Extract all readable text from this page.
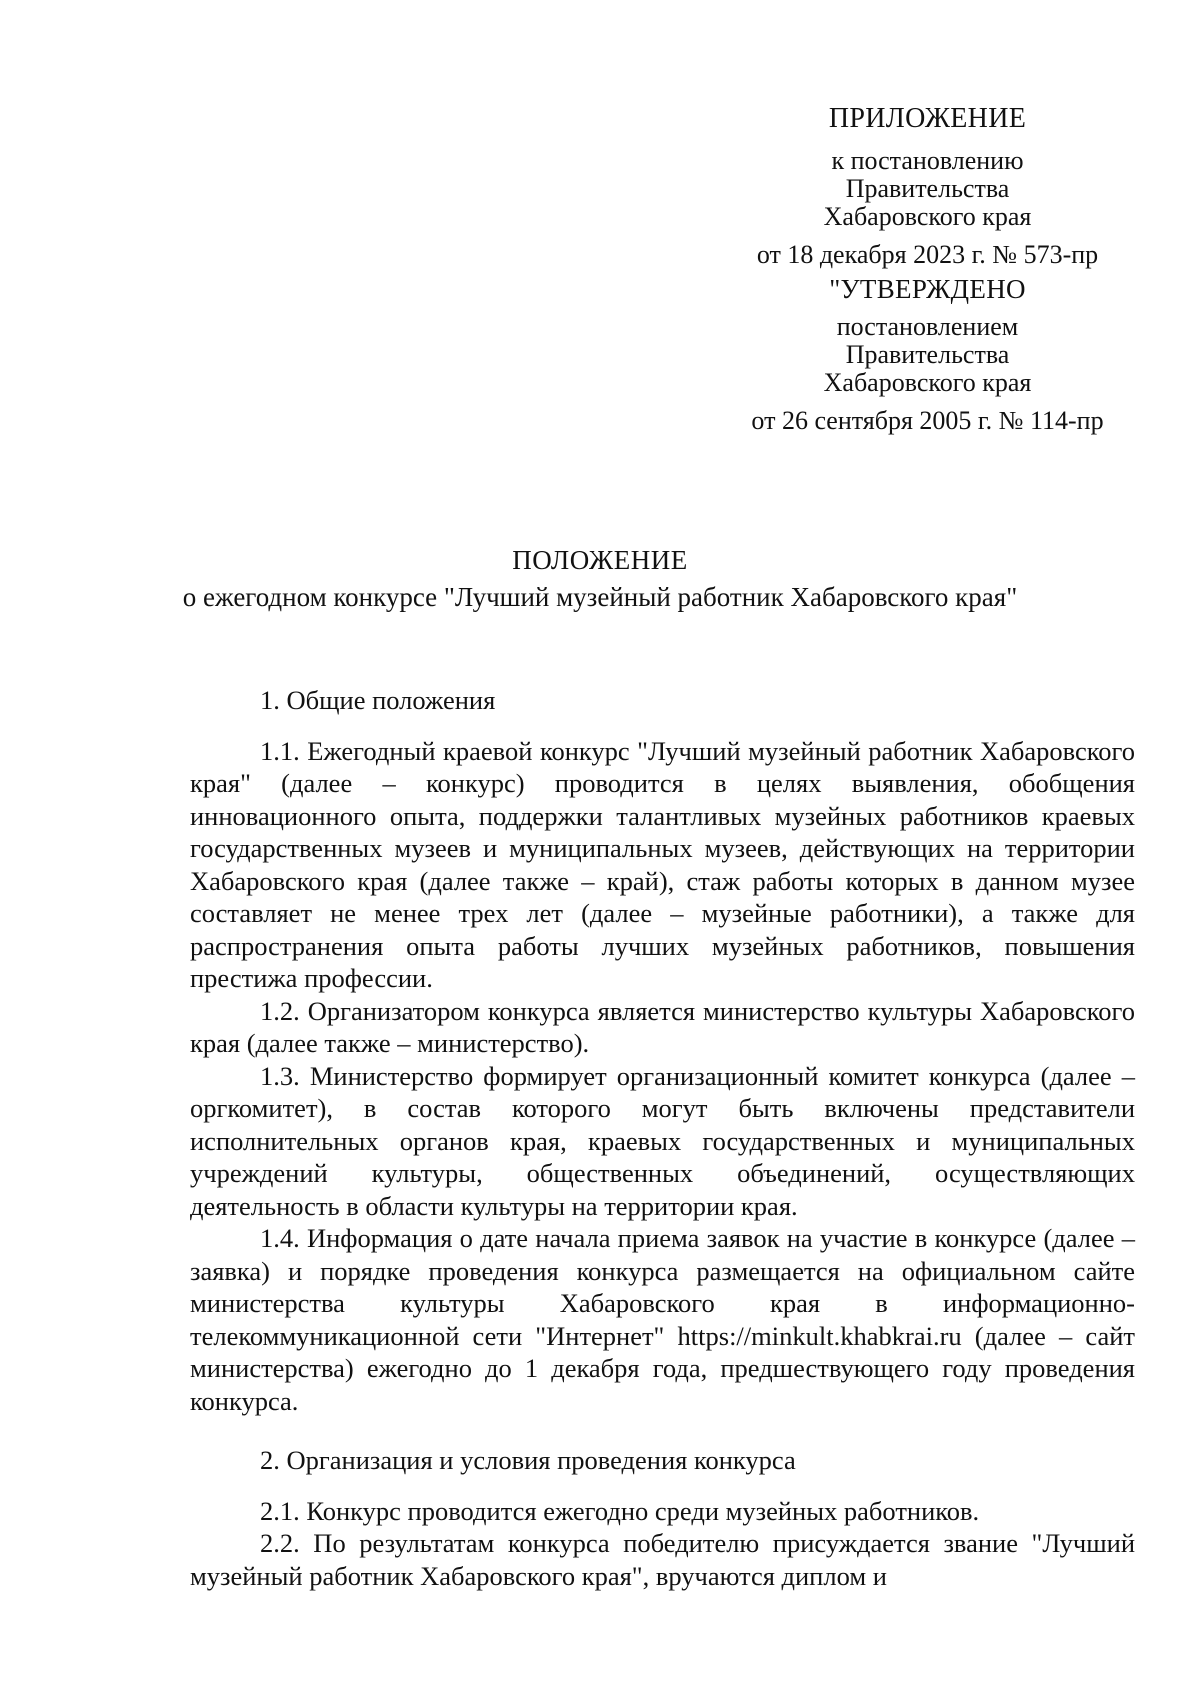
ПРИЛОЖЕНИЕ
к постановлению
Правительства
Хабаровского края
от 18 декабря 2023 г. № 573-пр
"УТВЕРЖДЕНО
постановлением
Правительства
Хабаровского края
от 26 сентября 2005 г. № 114-пр
ПОЛОЖЕНИЕ
о ежегодном конкурсе "Лучший музейный работник Хабаровского края"

1. Общие положения

1.1. Ежегодный краевой конкурс "Лучший музейный работник Хабаровского края" (далее – конкурс) проводится в целях выявления, обобщения инновационного опыта, поддержки талантливых музейных работников краевых государственных музеев и муниципальных музеев, действующих на территории Хабаровского края (далее также – край), стаж работы которых в данном музее составляет не менее трех лет (далее – музейные работники), а также для распространения опыта работы лучших музейных работников, повышения престижа профессии.

1.2. Организатором конкурса является министерство культуры Хабаровского края (далее также – министерство).

1.3. Министерство формирует организационный комитет конкурса (далее – оргкомитет), в состав которого могут быть включены представители исполнительных органов края, краевых государственных и муниципальных учреждений культуры, общественных объединений, осуществляющих деятельность в области культуры на территории края.

1.4. Информация о дате начала приема заявок на участие в конкурсе (далее – заявка) и порядке проведения конкурса размещается на официальном сайте министерства культуры Хабаровского края в информационно-телекоммуникационной сети "Интернет" https://minkult.khabkrai.ru (далее – сайт министерства) ежегодно до 1 декабря года, предшествующего году проведения конкурса.

2. Организация и условия проведения конкурса

2.1. Конкурс проводится ежегодно среди музейных работников.

2.2. По результатам конкурса победителю присуждается звание "Лучший музейный работник Хабаровского края", вручаются диплом и
